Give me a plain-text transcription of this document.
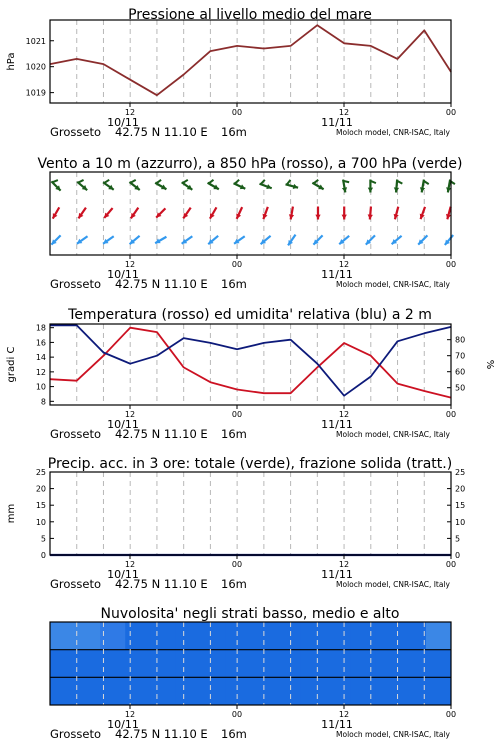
Pressione al livello medio del mare
1019
1020
1021
hPa
12	00	12	00
10/11	11/11
Grosseto 42.75 N 11.10 E 16m	Moloch model, CNR-ISAC, Italy
Vento a 10 m (azzurro), a 850 hPa (rosso), a 700 hPa (verde)
12	00	12	00
10/11	11/11
Grosseto 42.75 N 11.10 E 16m	Moloch model, CNR-ISAC, Italy
Temperatura (rosso) ed umidita' relativa (blu) a 2 m
8
10
12
14
16
18
50
60
70
80
gradi C	%
12	00	12	00
10/11	11/11
Grosseto 42.75 N 11.10 E 16m	Moloch model, CNR-ISAC, Italy
Precip. acc. in 3 ore: totale (verde), frazione solida (tratt.)
0
5
10
15
20
25
0
5
10
15
20
25
mm
12	00	12	00
10/11	11/11
Grosseto 42.75 N 11.10 E 16m	Moloch model, CNR-ISAC, Italy
Nuvolosita' negli strati basso, medio e alto
12	00	12	00
10/11	11/11
Grosseto 42.75 N 11.10 E 16m	Moloch model, CNR-ISAC, Italy
